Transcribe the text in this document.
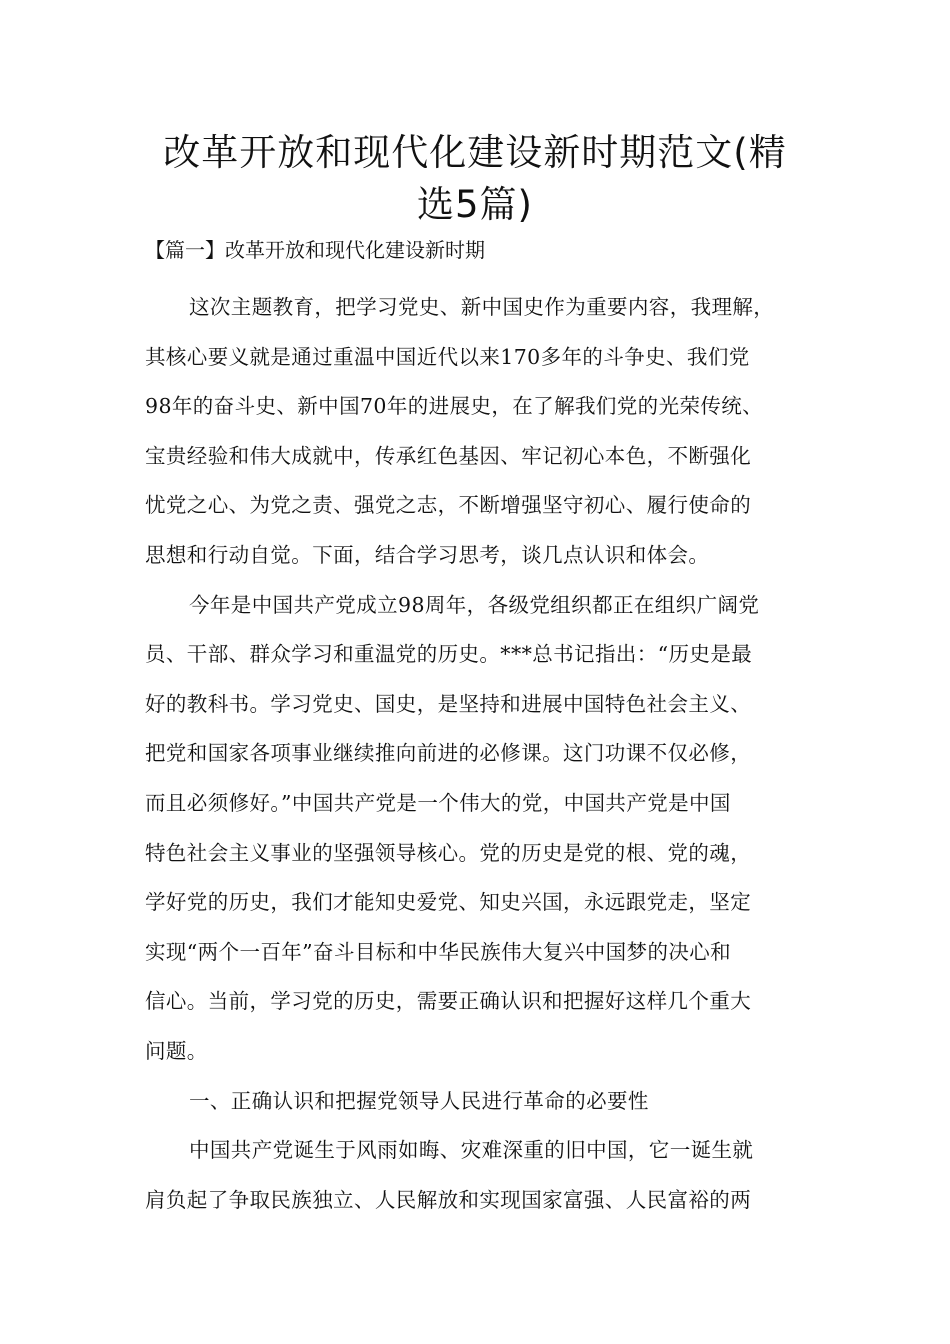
改革开放和现代化建设新时期范文(精
选5篇)
【篇一】改革开放和现代化建设新时期

这次主题教育，把学习党史、新中国史作为重要内容，我理解，
其核心要义就是通过重温中国近代以来170多年的斗争史、我们党
98年的奋斗史、新中国70年的进展史，在了解我们党的光荣传统、
宝贵经验和伟大成就中，传承红色基因、牢记初心本色，不断强化
忧党之心、为党之责、强党之志，不断增强坚守初心、履行使命的
思想和行动自觉。下面，结合学习思考，谈几点认识和体会。

今年是中国共产党成立98周年，各级党组织都正在组织广阔党
员、干部、群众学习和重温党的历史。***总书记指出：“历史是最
好的教科书。学习党史、国史，是坚持和进展中国特色社会主义、
把党和国家各项事业继续推向前进的必修课。这门功课不仅必修，
而且必须修好。”中国共产党是一个伟大的党，中国共产党是中国
特色社会主义事业的坚强领导核心。党的历史是党的根、党的魂，
学好党的历史，我们才能知史爱党、知史兴国，永远跟党走，坚定
实现“两个一百年”奋斗目标和中华民族伟大复兴中国梦的决心和
信心。当前，学习党的历史，需要正确认识和把握好这样几个重大
问题。

一、正确认识和把握党领导人民进行革命的必要性

中国共产党诞生于风雨如晦、灾难深重的旧中国，它一诞生就
肩负起了争取民族独立、人民解放和实现国家富强、人民富裕的两
